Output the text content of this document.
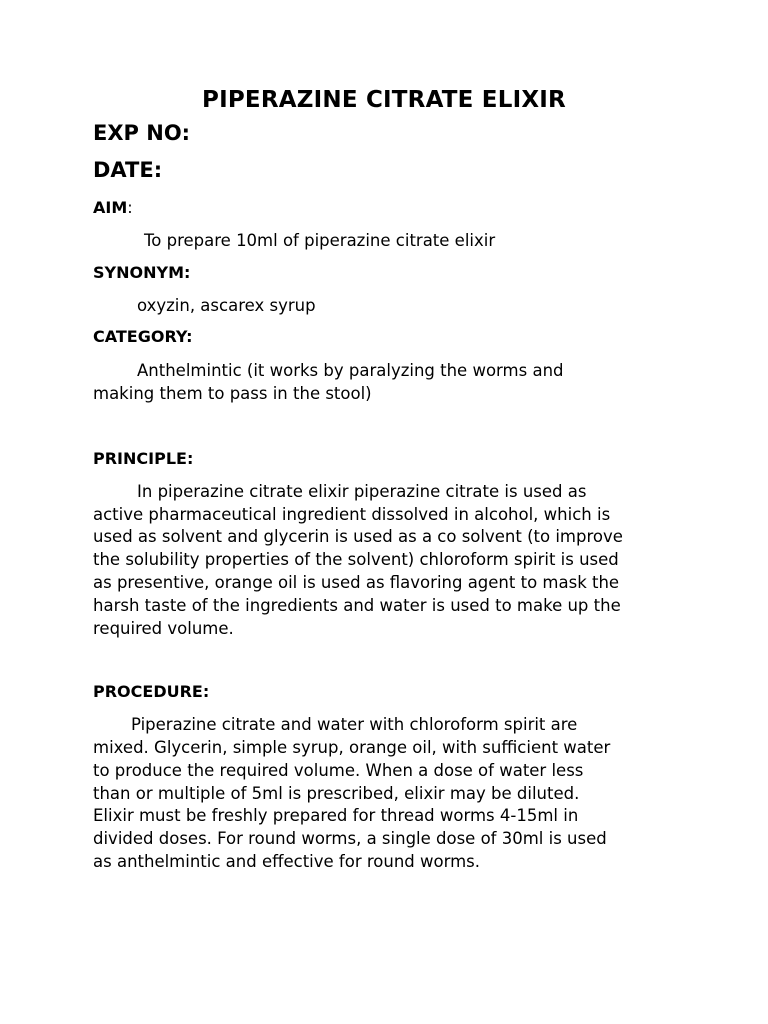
PIPERAZINE CITRATE ELIXIR
EXP NO:
DATE:
AIM:
To prepare 10ml of piperazine citrate elixir
SYNONYM:
oxyzin, ascarex syrup
CATEGORY:
Anthelmintic (it works by paralyzing the worms and
making them to pass in the stool)
PRINCIPLE:
In piperazine citrate elixir piperazine citrate is used as
active pharmaceutical ingredient dissolved in alcohol, which is
used as solvent and glycerin is used as a co solvent (to improve
the solubility properties of the solvent) chloroform spirit is used
as presentive, orange oil is used as flavoring agent to mask the
harsh taste of the ingredients and water is used to make up the
required volume.
PROCEDURE:
Piperazine citrate and water with chloroform spirit are
mixed. Glycerin, simple syrup, orange oil, with sufficient water
to produce the required volume. When a dose of water less
than or multiple of 5ml is prescribed, elixir may be diluted.
Elixir must be freshly prepared for thread worms 4-15ml in
divided doses. For round worms, a single dose of 30ml is used
as anthelmintic and effective for round worms.
